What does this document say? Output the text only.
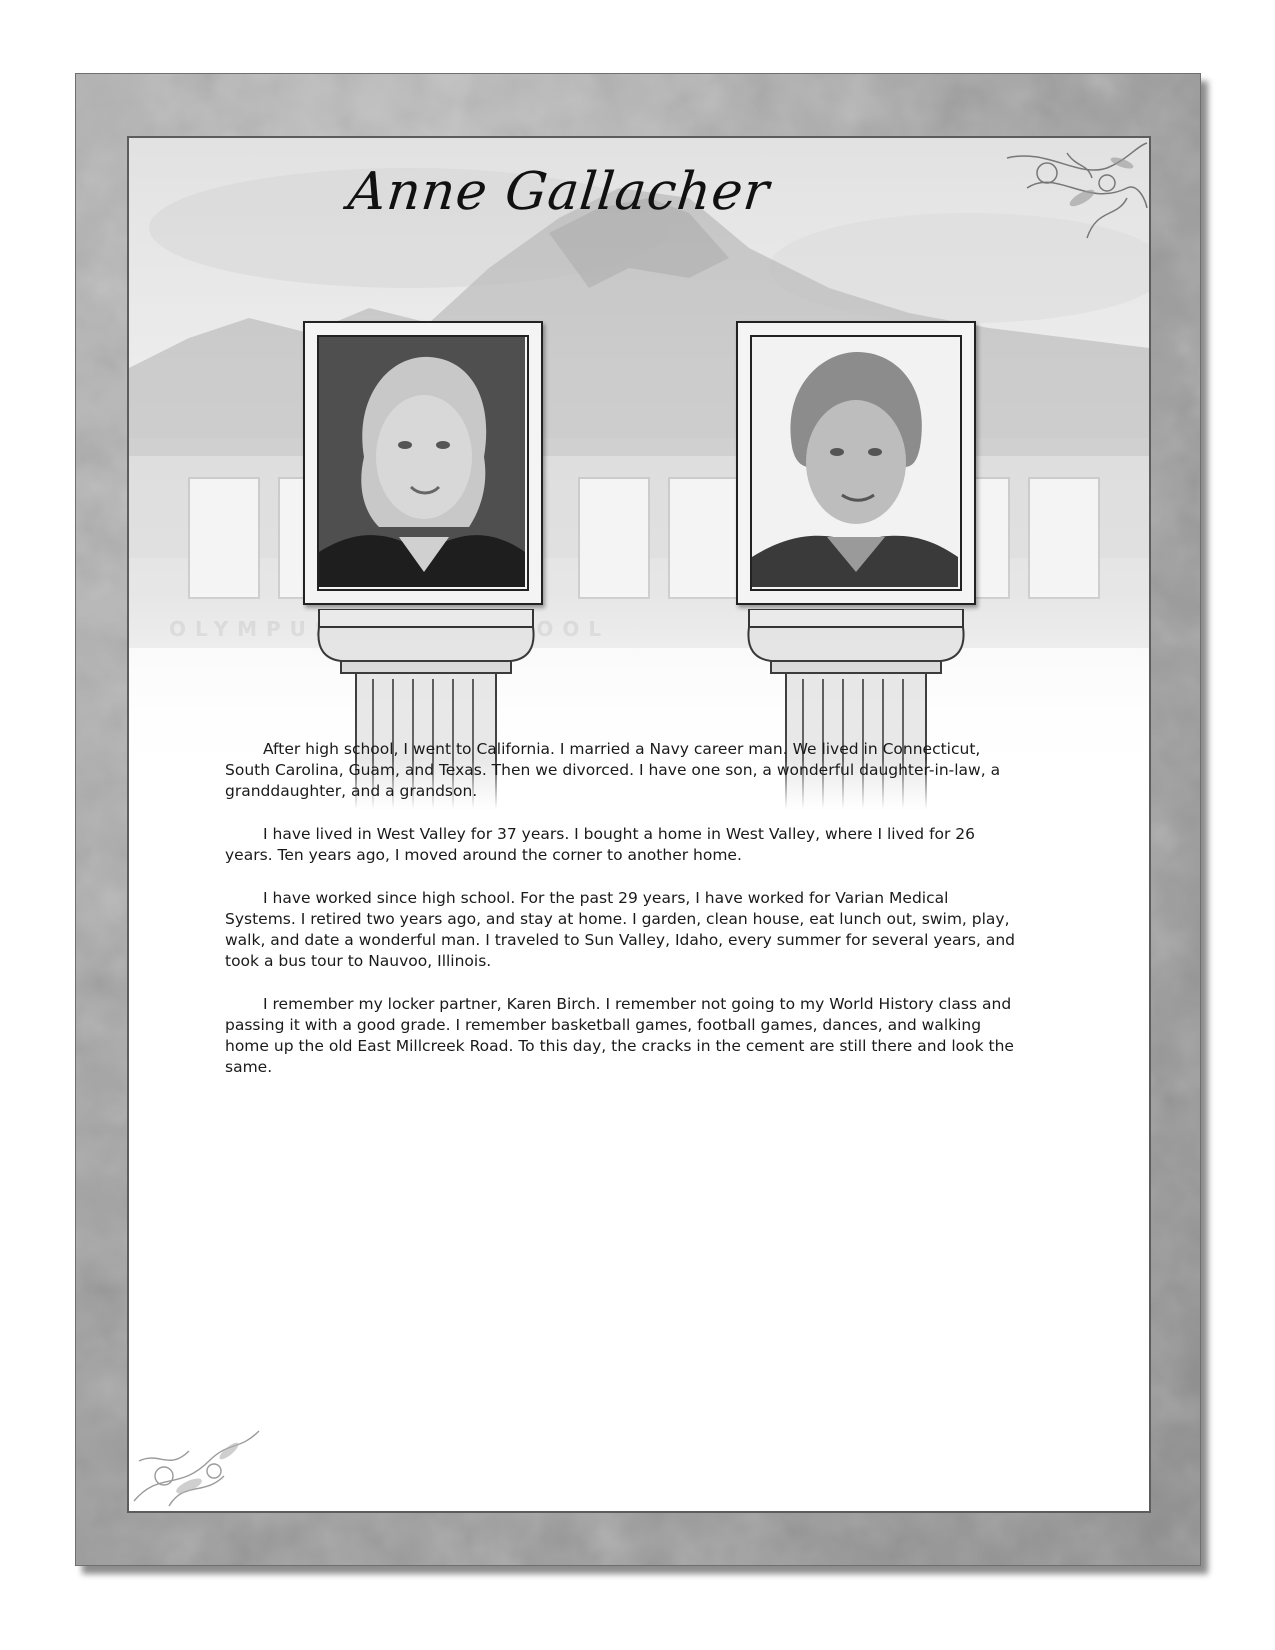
Anne Gallacher

After high school, I went to California. I married a Navy career man. We lived in Connecticut, South Carolina, Guam, and Texas. Then we divorced. I have one son, a wonderful daughter-in-law, a granddaughter, and a grandson.

I have lived in West Valley for 37 years. I bought a home in West Valley, where I lived for 26 years. Ten years ago, I moved around the corner to another home.

I have worked since high school. For the past 29 years, I have worked for Varian Medical Systems. I retired two years ago, and stay at home. I garden, clean house, eat lunch out, swim, play, walk, and date a wonderful man. I traveled to Sun Valley, Idaho, every summer for several years, and took a bus tour to Nauvoo, Illinois.

I remember my locker partner, Karen Birch. I remember not going to my World History class and passing it with a good grade. I remember basketball games, football games, dances, and walking home up the old East Millcreek Road. To this day, the cracks in the cement are still there and look the same.
